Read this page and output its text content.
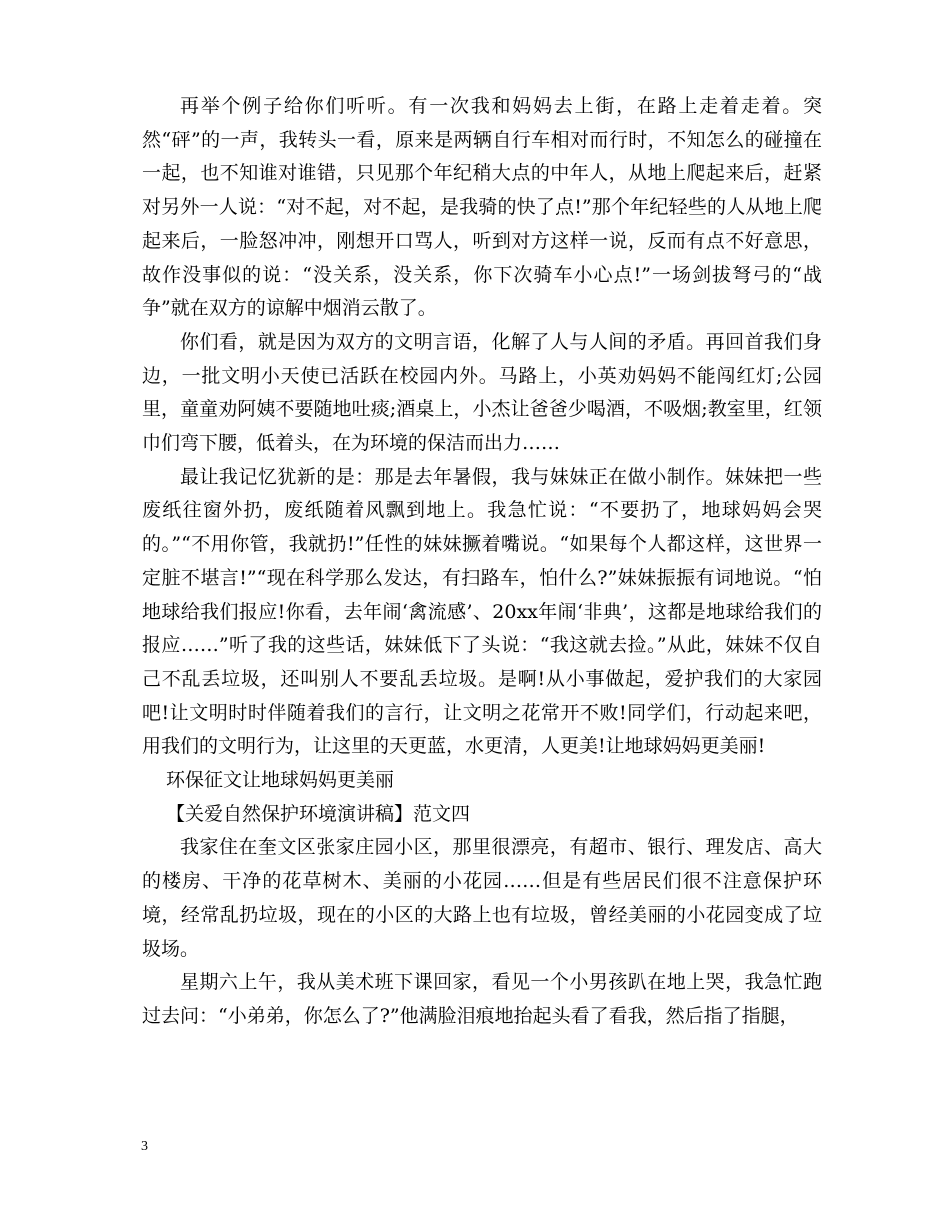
再举个例子给你们听听。有一次我和妈妈去上街，在路上走着走着。突然“砰”的一声，我转头一看，原来是两辆自行车相对而行时，不知怎么的碰撞在一起，也不知谁对谁错，只见那个年纪稍大点的中年人，从地上爬起来后，赶紧对另外一人说：“对不起，对不起，是我骑的快了点!”那个年纪轻些的人从地上爬起来后，一脸怒冲冲，刚想开口骂人，听到对方这样一说，反而有点不好意思，故作没事似的说：“没关系，没关系，你下次骑车小心点!”一场剑拔弩弓的“战争”就在双方的谅解中烟消云散了。

你们看，就是因为双方的文明言语，化解了人与人间的矛盾。再回首我们身边，一批文明小天使已活跃在校园内外。马路上，小英劝妈妈不能闯红灯;公园里，童童劝阿姨不要随地吐痰;酒桌上，小杰让爸爸少喝酒，不吸烟;教室里，红领巾们弯下腰，低着头，在为环境的保洁而出力……

最让我记忆犹新的是：那是去年暑假，我与妹妹正在做小制作。妹妹把一些废纸往窗外扔，废纸随着风飘到地上。我急忙说：“不要扔了，地球妈妈会哭的。”“不用你管，我就扔!”任性的妹妹撅着嘴说。“如果每个人都这样，这世界一定脏不堪言!”“现在科学那么发达，有扫路车，怕什么?”妹妹振振有词地说。“怕地球给我们报应!你看，去年闹‘禽流感’、20xx年闹‘非典’，这都是地球给我们的报应……”听了我的这些话，妹妹低下了头说：“我这就去捡。”从此，妹妹不仅自己不乱丢垃圾，还叫别人不要乱丢垃圾。是啊!从小事做起，爱护我们的大家园吧!让文明时时伴随着我们的言行，让文明之花常开不败!同学们，行动起来吧，用我们的文明行为，让这里的天更蓝，水更清，人更美!让地球妈妈更美丽!

环保征文让地球妈妈更美丽

【关爱自然保护环境演讲稿】范文四

我家住在奎文区张家庄园小区，那里很漂亮，有超市、银行、理发店、高大的楼房、干净的花草树木、美丽的小花园……但是有些居民们很不注意保护环境，经常乱扔垃圾，现在的小区的大路上也有垃圾，曾经美丽的小花园变成了垃圾场。

星期六上午，我从美术班下课回家，看见一个小男孩趴在地上哭，我急忙跑过去问：“小弟弟，你怎么了?”他满脸泪痕地抬起头看了看我，然后指了指腿，

3
